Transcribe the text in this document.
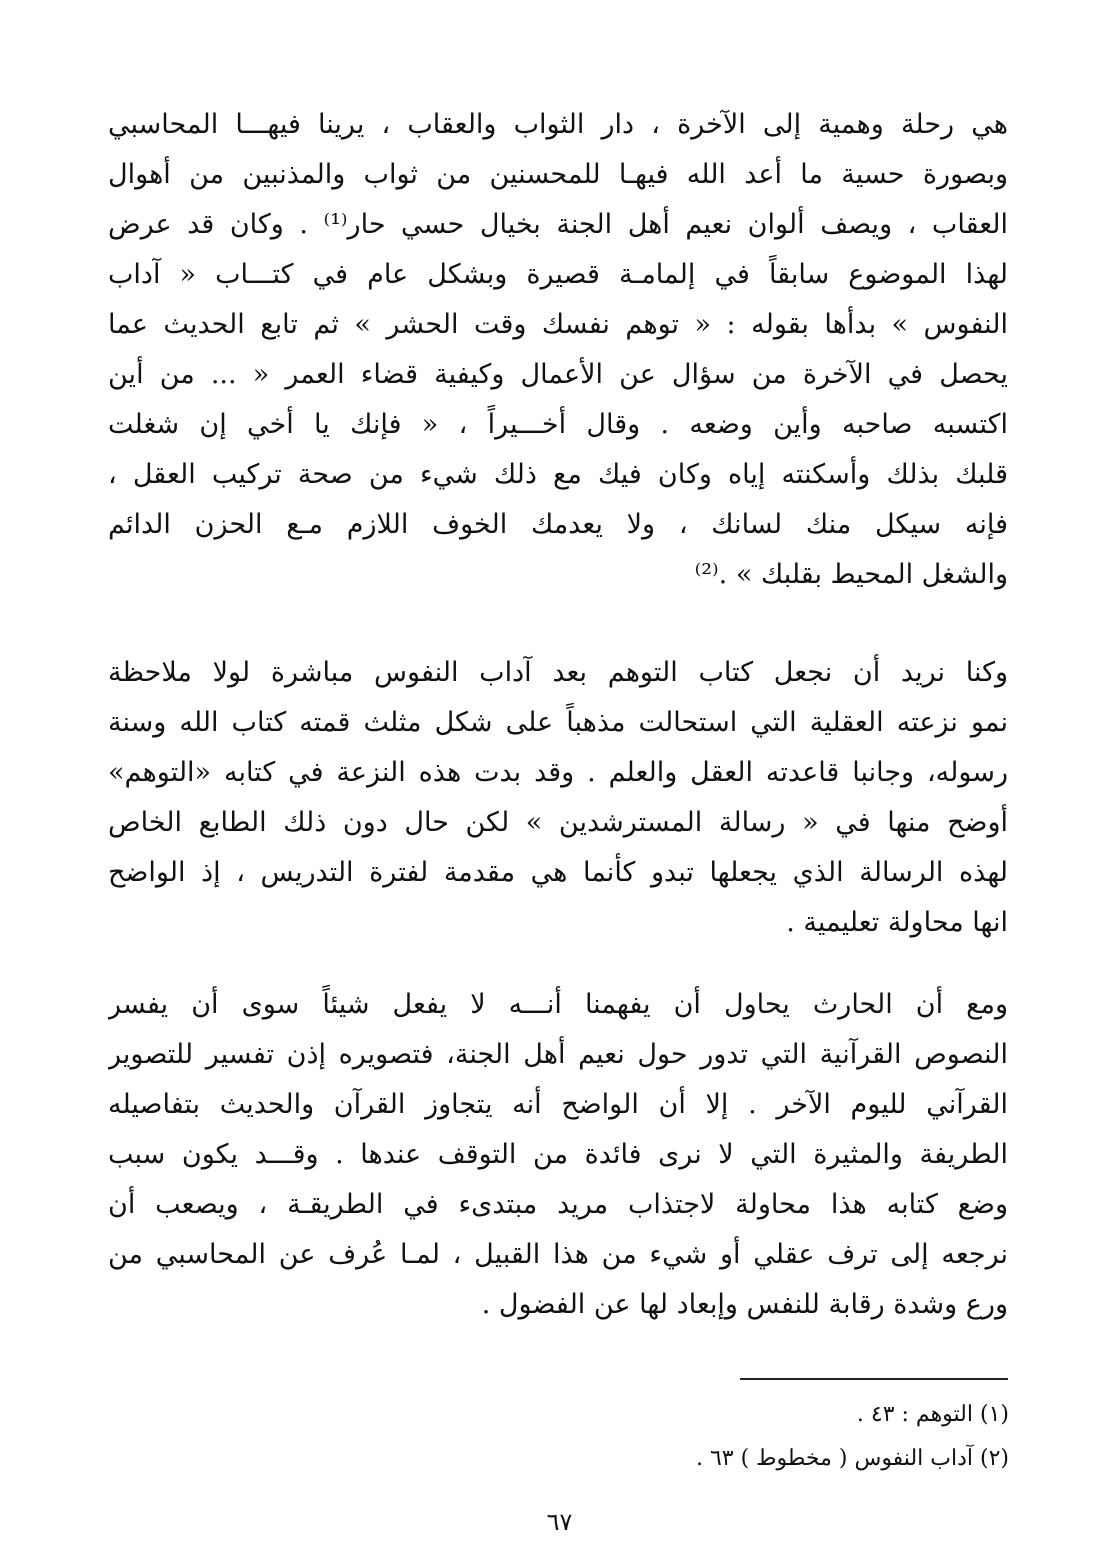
هي رحلة وهمية إلى الآخرة ، دار الثواب والعقاب ، يرينا فيهـــا المحاسبي
وبصورة حسية ما أعد الله فيهـا للمحسنين من ثواب والمذنبين من أهوال
العقاب ، ويصف ألوان نعيم أهل الجنة بخيال حسي حار⁽¹⁾ . وكان قد عرض
لهذا الموضوع سابقاً في إلمامـة قصيرة وبشكل عام في كتـــاب « آداب
النفوس » بدأها بقوله : « توهم نفسك وقت الحشر » ثم تابع الحديث عما
يحصل في الآخرة من سؤال عن الأعمال وكيفية قضاء العمر « ... من أين
اكتسبه صاحبه وأين وضعه . وقال أخـــيراً ، « فإنك يا أخي إن شغلت
قلبك بذلك وأسكنته إياه وكان فيك مع ذلك شيء من صحة تركيب العقل ،
فإنه سيكل منك لسانك ، ولا يعدمك الخوف اللازم مـع الحزن الدائم
والشغل المحيط بقلبك » .⁽²⁾
وكنا نريد أن نجعل كتاب التوهم بعد آداب النفوس مباشرة لولا ملاحظة
نمو نزعته العقلية التي استحالت مذهباً على شكل مثلث قمته كتاب الله وسنة
رسوله، وجانبا قاعدته العقل والعلم . وقد بدت هذه النزعة في كتابه «التوهم»
أوضح منها في « رسالة المسترشدين » لكن حال دون ذلك الطابع الخاص
لهذه الرسالة الذي يجعلها تبدو كأنما هي مقدمة لفترة التدريس ، إذ الواضح
انها محاولة تعليمية .
ومع أن الحارث يحاول أن يفهمنا أنـــه لا يفعل شيئاً سوى أن يفسر
النصوص القرآنية التي تدور حول نعيم أهل الجنة، فتصويره إذن تفسير للتصوير
القرآني لليوم الآخر . إلا أن الواضح أنه يتجاوز القرآن والحديث بتفاصيله
الطريفة والمثيرة التي لا نرى فائدة من التوقف عندها . وقـــد يكون سبب
وضع كتابه هذا محاولة لاجتذاب مريد مبتدىء في الطريقـة ، ويصعب أن
نرجعه إلى ترف عقلي أو شيء من هذا القبيل ، لمـا عُرف عن المحاسبي من
ورع وشدة رقابة للنفس وإبعاد لها عن الفضول .
(١) التوهم : ٤٣ .
(٢) آداب النفوس ( مخطوط ) ٦٣ .
٦٧
